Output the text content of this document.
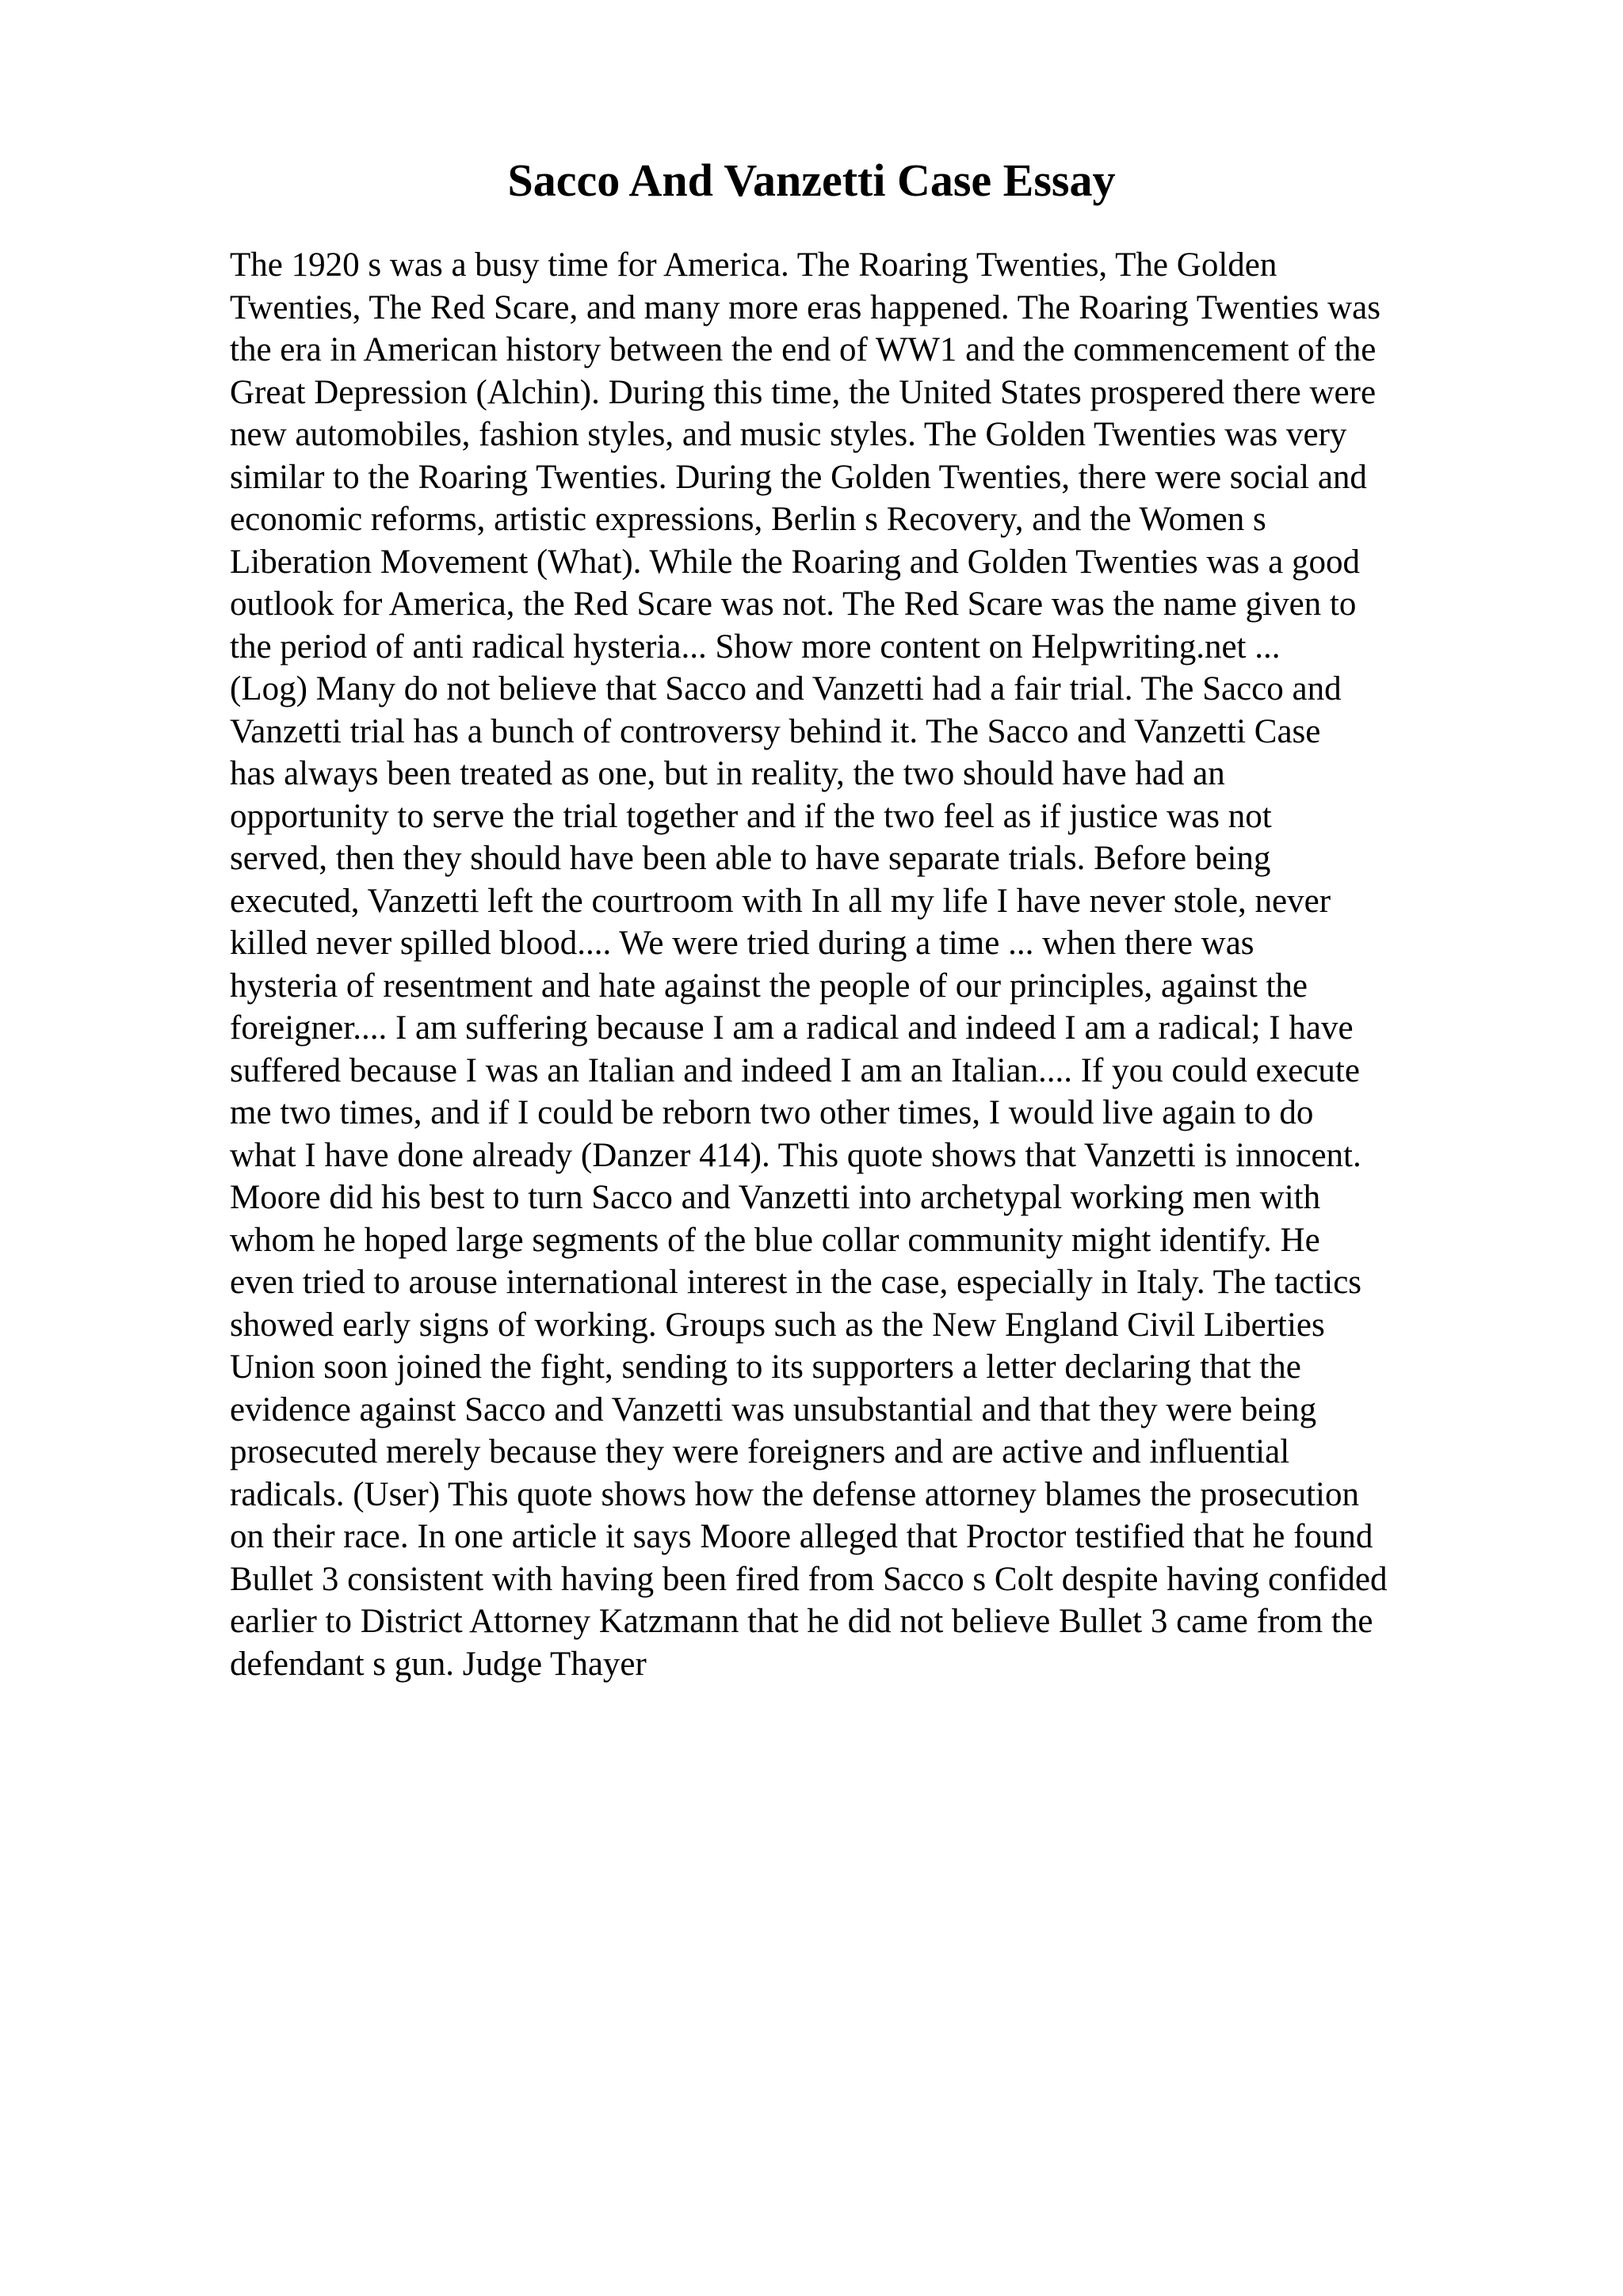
Sacco And Vanzetti Case Essay
The 1920 s was a busy time for America. The Roaring Twenties, The Golden
Twenties, The Red Scare, and many more eras happened. The Roaring Twenties was
the era in American history between the end of WW1 and the commencement of the
Great Depression (Alchin). During this time, the United States prospered there were
new automobiles, fashion styles, and music styles. The Golden Twenties was very
similar to the Roaring Twenties. During the Golden Twenties, there were social and
economic reforms, artistic expressions, Berlin s Recovery, and the Women s
Liberation Movement (What). While the Roaring and Golden Twenties was a good
outlook for America, the Red Scare was not. The Red Scare was the name given to
the period of anti radical hysteria... Show more content on Helpwriting.net ...
(Log) Many do not believe that Sacco and Vanzetti had a fair trial. The Sacco and
Vanzetti trial has a bunch of controversy behind it. The Sacco and Vanzetti Case
has always been treated as one, but in reality, the two should have had an
opportunity to serve the trial together and if the two feel as if justice was not
served, then they should have been able to have separate trials. Before being
executed, Vanzetti left the courtroom with In all my life I have never stole, never
killed never spilled blood.... We were tried during a time ... when there was
hysteria of resentment and hate against the people of our principles, against the
foreigner.... I am suffering because I am a radical and indeed I am a radical; I have
suffered because I was an Italian and indeed I am an Italian.... If you could execute
me two times, and if I could be reborn two other times, I would live again to do
what I have done already (Danzer 414). This quote shows that Vanzetti is innocent.
Moore did his best to turn Sacco and Vanzetti into archetypal working men with
whom he hoped large segments of the blue collar community might identify. He
even tried to arouse international interest in the case, especially in Italy. The tactics
showed early signs of working. Groups such as the New England Civil Liberties
Union soon joined the fight, sending to its supporters a letter declaring that the
evidence against Sacco and Vanzetti was unsubstantial and that they were being
prosecuted merely because they were foreigners and are active and influential
radicals. (User) This quote shows how the defense attorney blames the prosecution
on their race. In one article it says Moore alleged that Proctor testified that he found
Bullet 3 consistent with having been fired from Sacco s Colt despite having confided
earlier to District Attorney Katzmann that he did not believe Bullet 3 came from the
defendant s gun. Judge Thayer
